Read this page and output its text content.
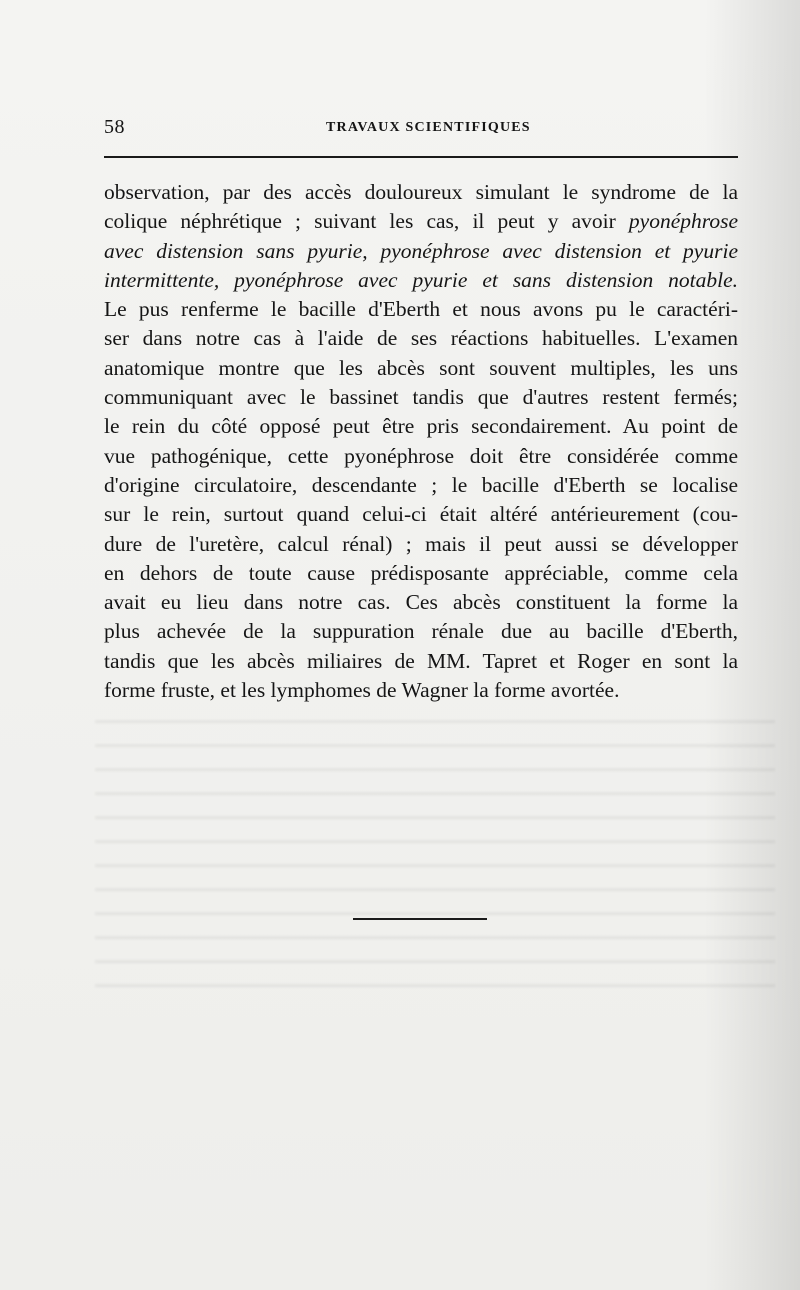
58	TRAVAUX SCIENTIFIQUES
observation, par des accès douloureux simulant le syndrome de la
colique néphrétique ; suivant les cas, il peut y avoir pyonéphrose
avec distension sans pyurie, pyonéphrose avec distension et pyurie
intermittente, pyonéphrose avec pyurie et sans distension notable.
Le pus renferme le bacille d'Eberth et nous avons pu le caractéri-
ser dans notre cas à l'aide de ses réactions habituelles. L'examen
anatomique montre que les abcès sont souvent multiples, les uns
communiquant avec le bassinet tandis que d'autres restent fermés;
le rein du côté opposé peut être pris secondairement. Au point de
vue pathogénique, cette pyonéphrose doit être considérée comme
d'origine circulatoire, descendante ; le bacille d'Eberth se localise
sur le rein, surtout quand celui-ci était altéré antérieurement (cou-
dure de l'uretère, calcul rénal) ; mais il peut aussi se développer
en dehors de toute cause prédisposante appréciable, comme cela
avait eu lieu dans notre cas. Ces abcès constituent la forme la
plus achevée de la suppuration rénale due au bacille d'Eberth,
tandis que les abcès miliaires de MM. Tapret et Roger en sont la
forme fruste, et les lymphomes de Wagner la forme avortée.
